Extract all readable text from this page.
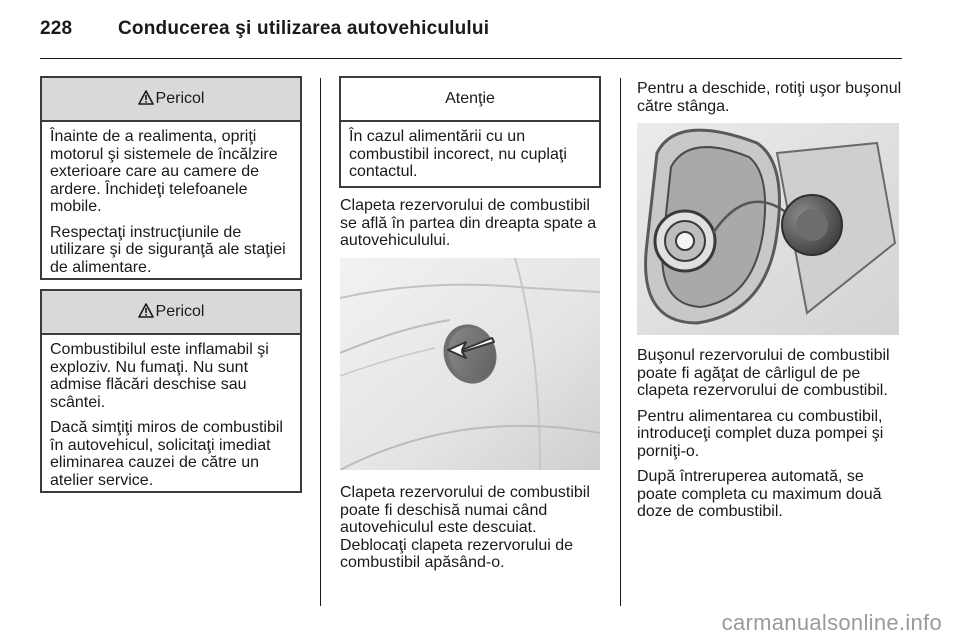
228 Conducerea şi utilizarea autovehiculului
Pericol

Înainte de a realimenta, opriţi motorul şi sistemele de încălzire exterioare care au camere de ardere. Închideţi telefoanele mobile.

Respectaţi instrucţiunile de utilizare şi de siguranţă ale staţiei de alimentare.

Pericol

Combustibilul este inflamabil şi exploziv. Nu fumaţi. Nu sunt admise flăcări deschise sau scântei.

Dacă simţiţi miros de combustibil în autovehicul, solicitaţi imediat eliminarea cauzei de către un atelier service.

Atenţie

În cazul alimentării cu un combustibil incorect, nu cuplaţi contactul.

Clapeta rezervorului de combustibil se află în partea din dreapta spate a autovehiculului.

Clapeta rezervorului de combustibil poate fi deschisă numai când autovehiculul este descuiat. Deblocaţi clapeta rezervorului de combustibil apăsând-o.

Pentru a deschide, rotiţi uşor buşonul către stânga.

Buşonul rezervorului de combustibil poate fi agăţat de cârligul de pe clapeta rezervorului de combustibil.

Pentru alimentarea cu combustibil, introduceţi complet duza pompei şi porniţi-o.

După întreruperea automată, se poate completa cu maximum două doze de combustibil.

carmanualsonline.info
